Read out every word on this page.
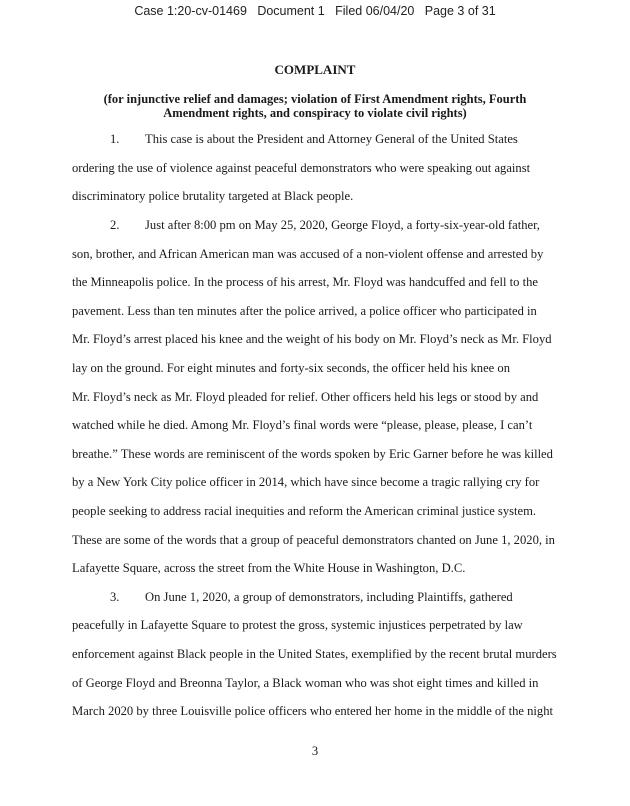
Case 1:20-cv-01469   Document 1   Filed 06/04/20   Page 3 of 31
COMPLAINT
(for injunctive relief and damages; violation of First Amendment rights, Fourth
Amendment rights, and conspiracy to violate civil rights)
1. This case is about the President and Attorney General of the United States
ordering the use of violence against peaceful demonstrators who were speaking out against
discriminatory police brutality targeted at Black people.
2. Just after 8:00 pm on May 25, 2020, George Floyd, a forty-six-year-old father,
son, brother, and African American man was accused of a non-violent offense and arrested by
the Minneapolis police. In the process of his arrest, Mr. Floyd was handcuffed and fell to the
pavement. Less than ten minutes after the police arrived, a police officer who participated in
Mr. Floyd’s arrest placed his knee and the weight of his body on Mr. Floyd’s neck as Mr. Floyd
lay on the ground. For eight minutes and forty-six seconds, the officer held his knee on
Mr. Floyd’s neck as Mr. Floyd pleaded for relief. Other officers held his legs or stood by and
watched while he died. Among Mr. Floyd’s final words were “please, please, please, I can’t
breathe.” These words are reminiscent of the words spoken by Eric Garner before he was killed
by a New York City police officer in 2014, which have since become a tragic rallying cry for
people seeking to address racial inequities and reform the American criminal justice system.
These are some of the words that a group of peaceful demonstrators chanted on June 1, 2020, in
Lafayette Square, across the street from the White House in Washington, D.C.
3. On June 1, 2020, a group of demonstrators, including Plaintiffs, gathered
peacefully in Lafayette Square to protest the gross, systemic injustices perpetrated by law
enforcement against Black people in the United States, exemplified by the recent brutal murders
of George Floyd and Breonna Taylor, a Black woman who was shot eight times and killed in
March 2020 by three Louisville police officers who entered her home in the middle of the night
3
